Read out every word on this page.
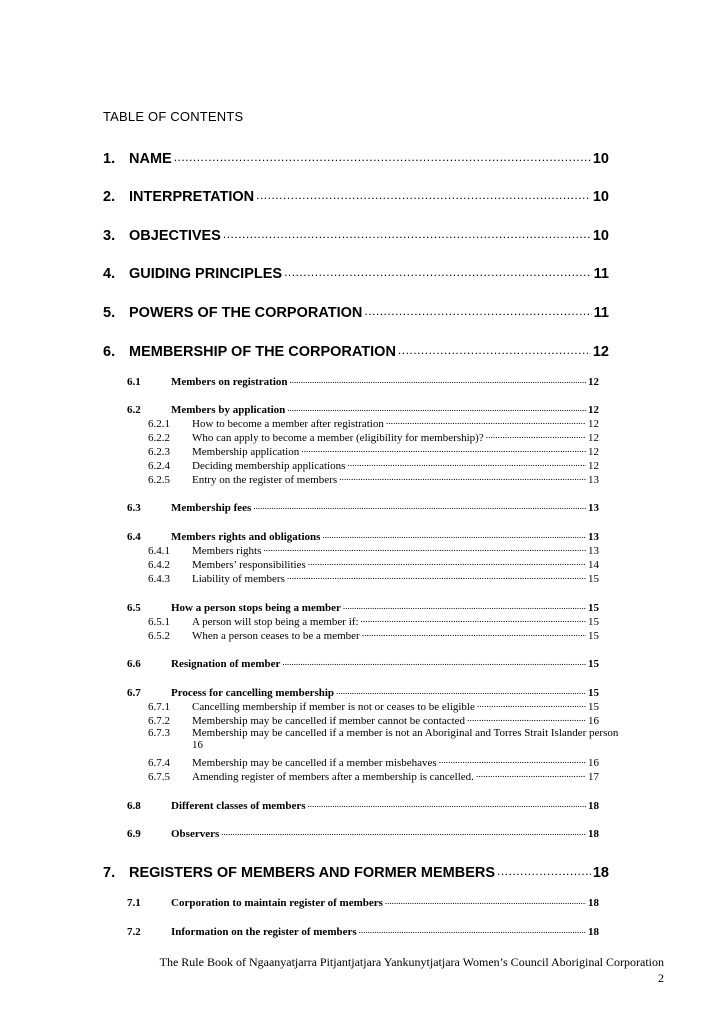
TABLE OF CONTENTS
1. NAME .....	10
2. INTERPRETATION .....	10
3. OBJECTIVES .....	10
4. GUIDING PRINCIPLES .....	11
5. POWERS OF THE CORPORATION .....	11
6. MEMBERSHIP OF THE CORPORATION .....	12
6.1	Members on registration .....	12
6.2	Members by application .....	12
6.2.1	How to become a member after registration .....	12
6.2.2	Who can apply to become a member (eligibility for membership)? .....	12
6.2.3	Membership application .....	12
6.2.4	Deciding membership applications .....	12
6.2.5	Entry on the register of members .....	13
6.3	Membership fees .....	13
6.4	Members rights and obligations .....	13
6.4.1	Members rights .....	13
6.4.2	Members’ responsibilities .....	14
6.4.3	Liability of members .....	15
6.5	How a person stops being a member .....	15
6.5.1	A person will stop being a member if: .....	15
6.5.2	When a person ceases to be a member .....	15
6.6	Resignation of member .....	15
6.7	Process for cancelling membership .....	15
6.7.1	Cancelling membership if member is not or ceases to be eligible .....	15
6.7.2	Membership may be cancelled if member cannot be contacted .....	16
6.7.3 Membership may be cancelled if a member is not an Aboriginal and Torres Strait Islander person
16
6.7.4	Membership may be cancelled if a member misbehaves .....	16
6.7.5	Amending register of members after a membership is cancelled. .....	17
6.8	Different classes of members .....	18
6.9	Observers .....	18
7. REGISTERS OF MEMBERS AND FORMER MEMBERS .....	18
7.1	Corporation to maintain register of members .....	18
7.2	Information on the register of members .....	18
The Rule Book of Ngaanyatjarra Pitjantjatjara Yankunytjatjara Women’s Council Aboriginal Corporation
2
